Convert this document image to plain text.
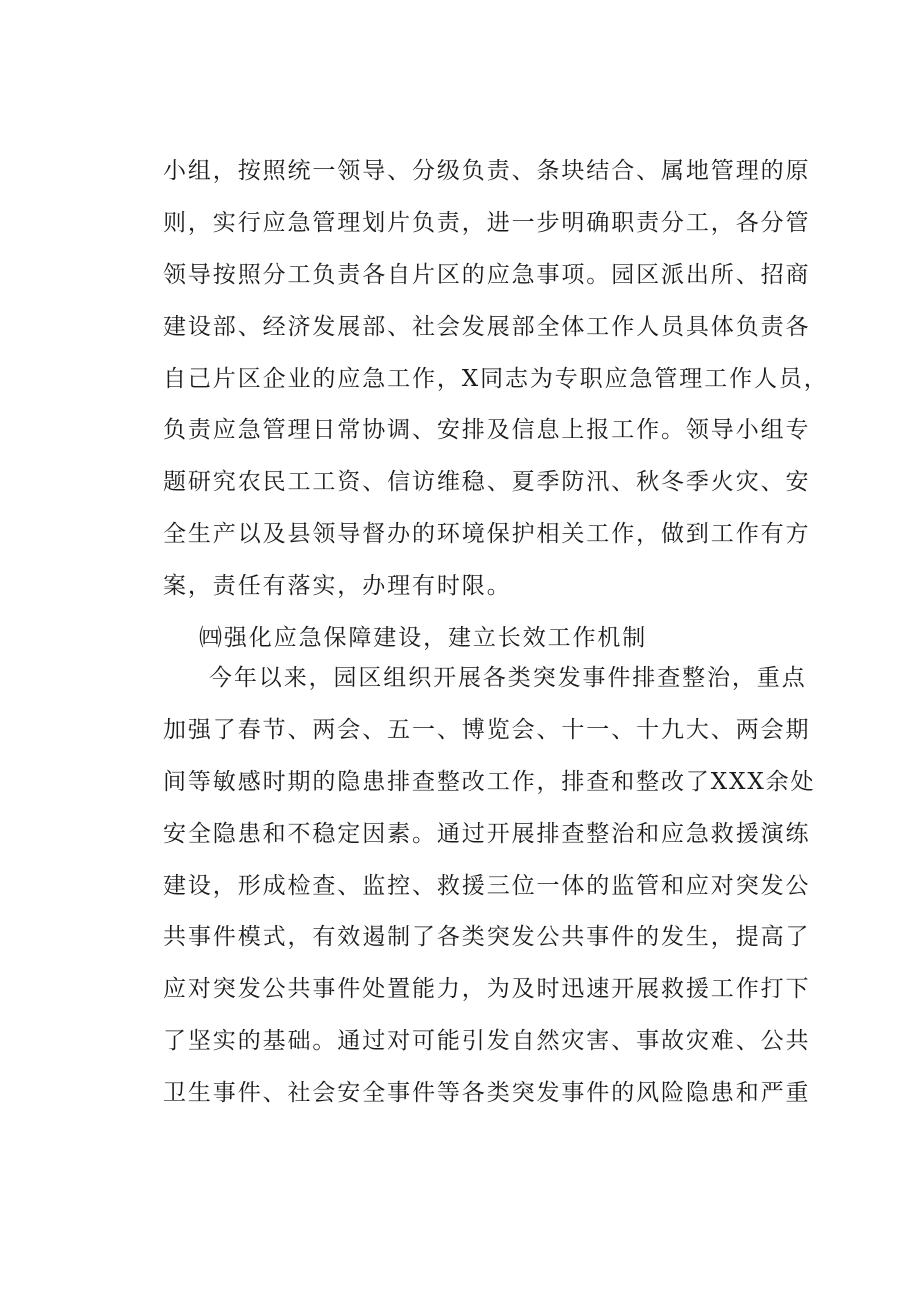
小组，按照统一领导、分级负责、条块结合、属地管理的原
则，实行应急管理划片负责，进一步明确职责分工，各分管
领导按照分工负责各自片区的应急事项。园区派出所、招商
建设部、经济发展部、社会发展部全体工作人员具体负责各
自己片区企业的应急工作，X同志为专职应急管理工作人员，
负责应急管理日常协调、安排及信息上报工作。领导小组专
题研究农民工工资、信访维稳、夏季防汛、秋冬季火灾、安
全生产以及县领导督办的环境保护相关工作，做到工作有方
案，责任有落实，办理有时限。
㈣强化应急保障建设，建立长效工作机制
今年以来，园区组织开展各类突发事件排查整治，重点
加强了春节、两会、五一、博览会、十一、十九大、两会期
间等敏感时期的隐患排查整改工作，排查和整改了XXX余处
安全隐患和不稳定因素。通过开展排查整治和应急救援演练
建设，形成检查、监控、救援三位一体的监管和应对突发公
共事件模式，有效遏制了各类突发公共事件的发生，提高了
应对突发公共事件处置能力，为及时迅速开展救援工作打下
了坚实的基础。通过对可能引发自然灾害、事故灾难、公共
卫生事件、社会安全事件等各类突发事件的风险隐患和严重
